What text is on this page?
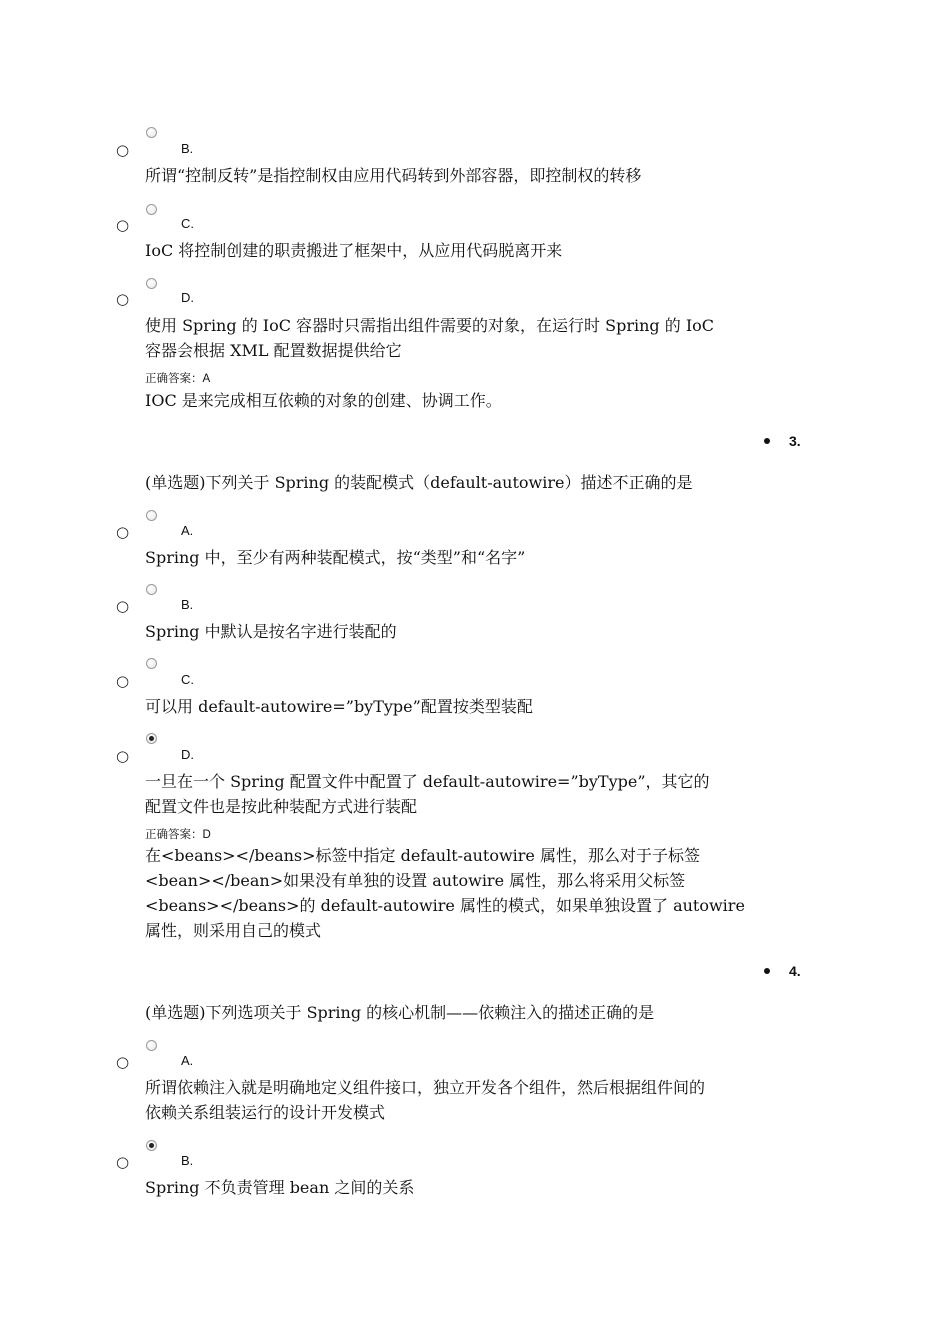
○	B.
所谓“控制反转”是指控制权由应用代码转到外部容器，即控制权的转移
○	C.
IoC 将控制创建的职责搬进了框架中，从应用代码脱离开来
○	D.
使用 Spring 的 IoC 容器时只需指出组件需要的对象，在运行时 Spring 的 IoC
容器会根据 XML 配置数据提供给它
正确答案：A
IOC 是来完成相互依赖的对象的创建、协调工作。
3.
(单选题)下列关于 Spring 的装配模式（default-autowire）描述不正确的是
○	A.
Spring 中，至少有两种装配模式，按“类型”和“名字”
○	B.
Spring 中默认是按名字进行装配的
○	C.
可以用 default-autowire=”byType”配置按类型装配
○	D.
一旦在一个 Spring 配置文件中配置了 default-autowire=”byType”，其它的
配置文件也是按此种装配方式进行装配
正确答案：D
在<beans></beans>标签中指定 default-autowire 属性，那么对于子标签
<bean></bean>如果没有单独的设置 autowire 属性，那么将采用父标签
<beans></beans>的 default-autowire 属性的模式，如果单独设置了 autowire
属性，则采用自己的模式
4.
(单选题)下列选项关于 Spring 的核心机制——依赖注入的描述正确的是
○	A.
所谓依赖注入就是明确地定义组件接口，独立开发各个组件，然后根据组件间的
依赖关系组装运行的设计开发模式
○	B.
Spring 不负责管理 bean 之间的关系
